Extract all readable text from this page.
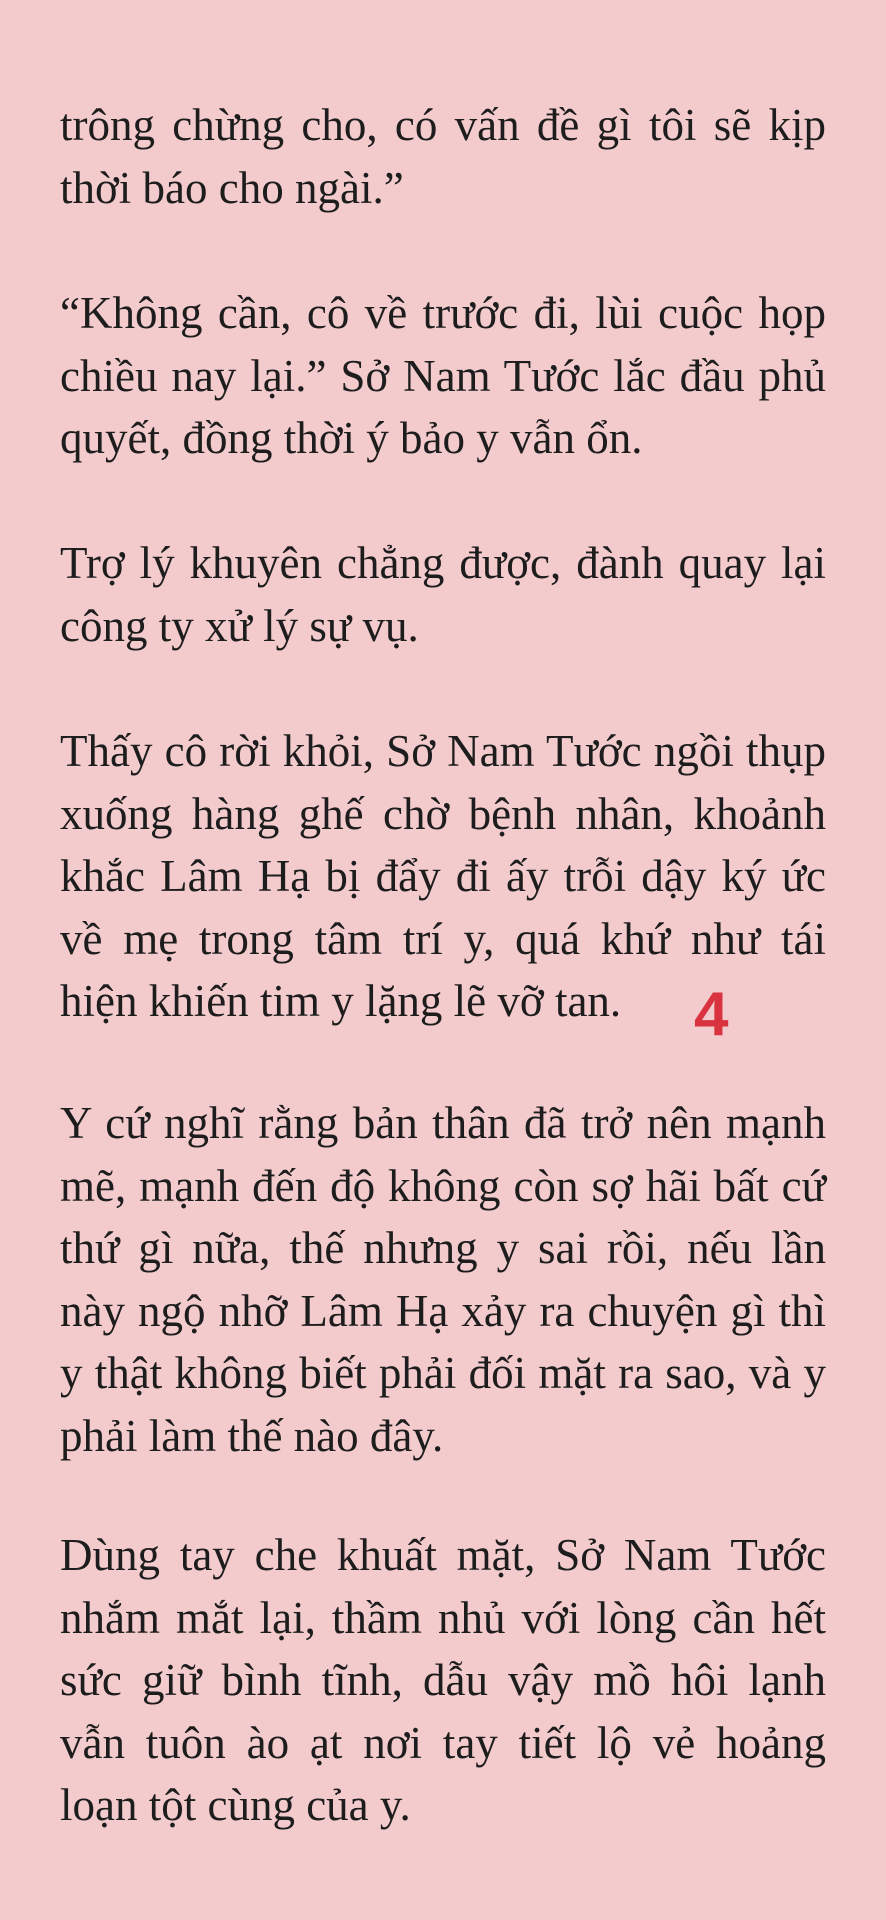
trông chừng cho, có vấn đề gì tôi sẽ kịp thời báo cho ngài.”

“Không cần, cô về trước đi, lùi cuộc họp chiều nay lại.” Sở Nam Tước lắc đầu phủ quyết, đồng thời ý bảo y vẫn ổn.

Trợ lý khuyên chẳng được, đành quay lại công ty xử lý sự vụ.

Thấy cô rời khỏi, Sở Nam Tước ngồi thụp xuống hàng ghế chờ bệnh nhân, khoảnh khắc Lâm Hạ bị đẩy đi ấy trỗi dậy ký ức về mẹ trong tâm trí y, quá khứ như tái hiện khiến tim y lặng lẽ vỡ tan.	4

Y cứ nghĩ rằng bản thân đã trở nên mạnh mẽ, mạnh đến độ không còn sợ hãi bất cứ thứ gì nữa, thế nhưng y sai rồi, nếu lần này ngộ nhỡ Lâm Hạ xảy ra chuyện gì thì y thật không biết phải đối mặt ra sao, và y phải làm thế nào đây.

Dùng tay che khuất mặt, Sở Nam Tước nhắm mắt lại, thầm nhủ với lòng cần hết sức giữ bình tĩnh, dẫu vậy mồ hôi lạnh vẫn tuôn ào ạt nơi tay tiết lộ vẻ hoảng loạn tột cùng của y.
